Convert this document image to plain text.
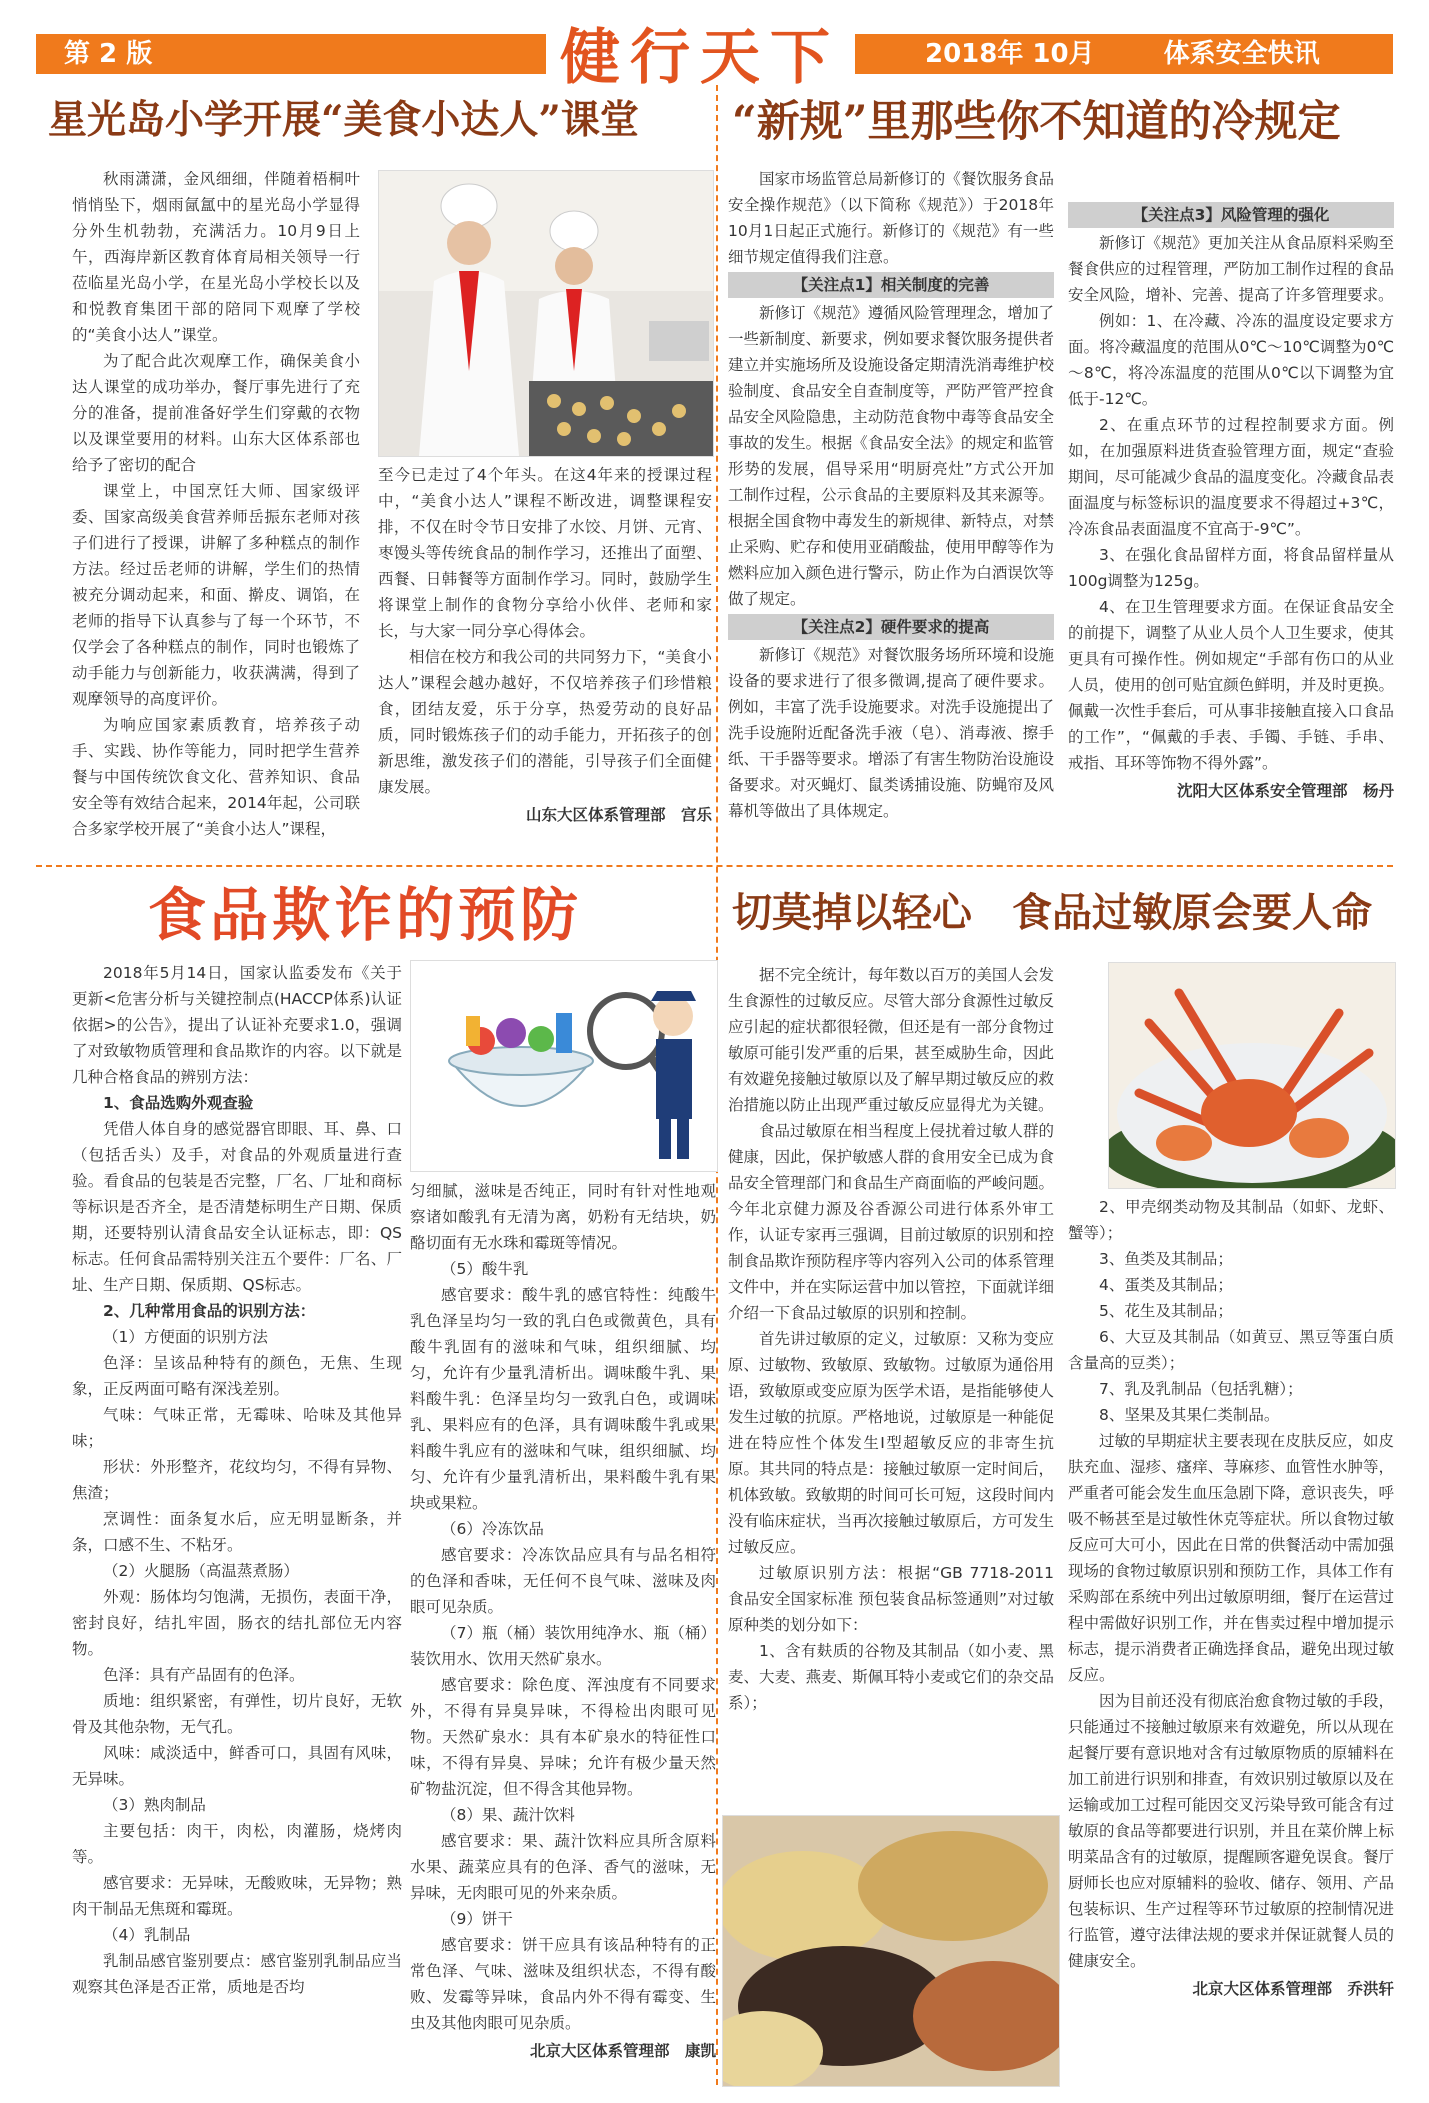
第 2 版	健行天下	2018年 10月	体系安全快讯
星光岛小学开展“美食小达人”课堂

秋雨潇潇，金风细细，伴随着梧桐叶悄悄坠下，烟雨氤氲中的星光岛小学显得分外生机勃勃，充满活力。10月9日上午，西海岸新区教育体育局相关领导一行莅临星光岛小学，在星光岛小学校长以及和悦教育集团干部的陪同下观摩了学校的“美食小达人”课堂。

为了配合此次观摩工作，确保美食小达人课堂的成功举办，餐厅事先进行了充分的准备，提前准备好学生们穿戴的衣物以及课堂要用的材料。山东大区体系部也给予了密切的配合

课堂上，中国烹饪大师、国家级评委、国家高级美食营养师岳振东老师对孩子们进行了授课，讲解了多种糕点的制作方法。经过岳老师的讲解，学生们的热情被充分调动起来，和面、擀皮、调馅，在老师的指导下认真参与了每一个环节，不仅学会了各种糕点的制作，同时也锻炼了动手能力与创新能力，收获满满，得到了观摩领导的高度评价。

为响应国家素质教育，培养孩子动手、实践、协作等能力，同时把学生营养餐与中国传统饮食文化、营养知识、食品安全等有效结合起来，2014年起，公司联合多家学校开展了“美食小达人”课程，

至今已走过了4个年头。在这4年来的授课过程中，“美食小达人”课程不断改进，调整课程安排，不仅在时令节日安排了水饺、月饼、元宵、枣馒头等传统食品的制作学习，还推出了面塑、西餐、日韩餐等方面制作学习。同时，鼓励学生将课堂上制作的食物分享给小伙伴、老师和家长，与大家一同分享心得体会。

相信在校方和我公司的共同努力下，“美食小达人”课程会越办越好，不仅培养孩子们珍惜粮食，团结友爱，乐于分享，热爱劳动的良好品质，同时锻炼孩子们的动手能力，开拓孩子的创新思维，激发孩子们的潜能，引导孩子们全面健康发展。

山东大区体系管理部　宫乐

“新规”里那些你不知道的冷规定

国家市场监管总局新修订的《餐饮服务食品安全操作规范》（以下简称《规范》）于2018年10月1日起正式施行。新修订的《规范》有一些细节规定值得我们注意。

【关注点1】相关制度的完善

新修订《规范》遵循风险管理理念，增加了一些新制度、新要求，例如要求餐饮服务提供者建立并实施场所及设施设备定期清洗消毒维护校验制度、食品安全自查制度等，严防严管严控食品安全风险隐患，主动防范食物中毒等食品安全事故的发生。根据《食品安全法》的规定和监管形势的发展，倡导采用“明厨亮灶”方式公开加工制作过程，公示食品的主要原料及其来源等。根据全国食物中毒发生的新规律、新特点，对禁止采购、贮存和使用亚硝酸盐，使用甲醇等作为燃料应加入颜色进行警示，防止作为白酒误饮等做了规定。

【关注点2】硬件要求的提高

新修订《规范》对餐饮服务场所环境和设施设备的要求进行了很多微调,提高了硬件要求。例如，丰富了洗手设施要求。对洗手设施提出了洗手设施附近配备洗手液（皂）、消毒液、擦手纸、干手器等要求。增添了有害生物防治设施设备要求。对灭蝇灯、鼠类诱捕设施、防蝇帘及风幕机等做出了具体规定。

【关注点3】风险管理的强化

新修订《规范》更加关注从食品原料采购至餐食供应的过程管理，严防加工制作过程的食品安全风险，增补、完善、提高了许多管理要求。

例如：1、在冷藏、冷冻的温度设定要求方面。将冷藏温度的范围从0℃～10℃调整为0℃～8℃，将冷冻温度的范围从0℃以下调整为宜低于-12℃。

2、在重点环节的过程控制要求方面。例如，在加强原料进货查验管理方面，规定“查验期间，尽可能减少食品的温度变化。冷藏食品表面温度与标签标识的温度要求不得超过+3℃，冷冻食品表面温度不宜高于-9℃”。

3、在强化食品留样方面，将食品留样量从100g调整为125g。

4、在卫生管理要求方面。在保证食品安全的前提下，调整了从业人员个人卫生要求，使其更具有可操作性。例如规定“手部有伤口的从业人员，使用的创可贴宜颜色鲜明，并及时更换。佩戴一次性手套后，可从事非接触直接入口食品的工作”，“佩戴的手表、手镯、手链、手串、戒指、耳环等饰物不得外露”。

沈阳大区体系安全管理部　杨丹

食品欺诈的预防

2018年5月14日，国家认监委发布《关于更新<危害分析与关键控制点(HACCP体系)认证依据>的公告》，提出了认证补充要求1.0，强调了对致敏物质管理和食品欺诈的内容。以下就是几种合格食品的辨别方法：

1、食品选购外观查验

凭借人体自身的感觉器官即眼、耳、鼻、口（包括舌头）及手，对食品的外观质量进行查验。看食品的包装是否完整，厂名、厂址和商标等标识是否齐全，是否清楚标明生产日期、保质期，还要特别认清食品安全认证标志，即：QS标志。任何食品需特别关注五个要件：厂名、厂址、生产日期、保质期、QS标志。

2、几种常用食品的识别方法：

（1）方便面的识别方法

色泽：呈该品种特有的颜色，无焦、生现象，正反两面可略有深浅差别。

气味：气味正常，无霉味、哈味及其他异味；

形状：外形整齐，花纹均匀，不得有异物、焦渣；

烹调性：面条复水后，应无明显断条，并条，口感不生、不粘牙。

（2）火腿肠（高温蒸煮肠）

外观：肠体均匀饱满，无损伤，表面干净，密封良好，结扎牢固，肠衣的结扎部位无内容物。

色泽：具有产品固有的色泽。

质地：组织紧密，有弹性，切片良好，无软骨及其他杂物，无气孔。

风味：咸淡适中，鲜香可口，具固有风味，无异味。

（3）熟肉制品

主要包括：肉干，肉松，肉灌肠，烧烤肉等。

感官要求：无异味，无酸败味，无异物；熟肉干制品无焦斑和霉斑。

（4）乳制品

乳制品感官鉴别要点：感官鉴别乳制品应当观察其色泽是否正常，质地是否均

匀细腻，滋味是否纯正，同时有针对性地观察诸如酸乳有无清为离，奶粉有无结块，奶酪切面有无水珠和霉斑等情况。

（5）酸牛乳

感官要求：酸牛乳的感官特性：纯酸牛乳色泽呈均匀一致的乳白色或微黄色，具有酸牛乳固有的滋味和气味，组织细腻、均匀，允许有少量乳清析出。调味酸牛乳、果料酸牛乳：色泽呈均匀一致乳白色，或调味乳、果料应有的色泽，具有调味酸牛乳或果料酸牛乳应有的滋味和气味，组织细腻、均匀、允许有少量乳清析出，果料酸牛乳有果块或果粒。

（6）冷冻饮品

感官要求：冷冻饮品应具有与品名相符的色泽和香味，无任何不良气味、滋味及肉眼可见杂质。

（7）瓶（桶）装饮用纯净水、瓶（桶）装饮用水、饮用天然矿泉水。

感官要求：除色度、浑浊度有不同要求外，不得有异臭异味，不得检出肉眼可见物。天然矿泉水：具有本矿泉水的特征性口味，不得有异臭、异味；允许有极少量天然矿物盐沉淀，但不得含其他异物。

（8）果、蔬汁饮料

感官要求：果、蔬汁饮料应具所含原料水果、蔬菜应具有的色泽、香气的滋味，无异味，无肉眼可见的外来杂质。

（9）饼干

感官要求：饼干应具有该品种特有的正常色泽、气味、滋味及组织状态，不得有酸败、发霉等异味，食品内外不得有霉变、生虫及其他肉眼可见杂质。

北京大区体系管理部　康凯

切莫掉以轻心　食品过敏原会要人命

据不完全统计，每年数以百万的美国人会发生食源性的过敏反应。尽管大部分食源性过敏反应引起的症状都很轻微，但还是有一部分食物过敏原可能引发严重的后果，甚至威胁生命，因此有效避免接触过敏原以及了解早期过敏反应的救治措施以防止出现严重过敏反应显得尤为关键。

食品过敏原在相当程度上侵扰着过敏人群的健康，因此，保护敏感人群的食用安全已成为食品安全管理部门和食品生产商面临的严峻问题。今年北京健力源及谷香源公司进行体系外审工作，认证专家再三强调，目前过敏原的识别和控制食品欺诈预防程序等内容列入公司的体系管理文件中，并在实际运营中加以管控，下面就详细介绍一下食品过敏原的识别和控制。

首先讲过敏原的定义，过敏原：又称为变应原、过敏物、致敏原、致敏物。过敏原为通俗用语，致敏原或变应原为医学术语，是指能够使人发生过敏的抗原。严格地说，过敏原是一种能促进在特应性个体发生I型超敏反应的非寄生抗原。其共同的特点是：接触过敏原一定时间后，机体致敏。致敏期的时间可长可短，这段时间内没有临床症状，当再次接触过敏原后，方可发生过敏反应。

过敏原识别方法：根据“GB 7718-2011 食品安全国家标准 预包装食品标签通则”对过敏原种类的划分如下：

1、含有麸质的谷物及其制品（如小麦、黑麦、大麦、燕麦、斯佩耳特小麦或它们的杂交品系）；

2、甲壳纲类动物及其制品（如虾、龙虾、蟹等）；

3、鱼类及其制品；

4、蛋类及其制品；

5、花生及其制品；

6、大豆及其制品（如黄豆、黑豆等蛋白质含量高的豆类）；

7、乳及乳制品（包括乳糖）；

8、坚果及其果仁类制品。

过敏的早期症状主要表现在皮肤反应，如皮肤充血、湿疹、瘙痒、荨麻疹、血管性水肿等，严重者可能会发生血压急剧下降，意识丧失，呼吸不畅甚至是过敏性休克等症状。所以食物过敏反应可大可小，因此在日常的供餐活动中需加强现场的食物过敏原识别和预防工作，具体工作有采购部在系统中列出过敏原明细，餐厅在运营过程中需做好识别工作，并在售卖过程中增加提示标志，提示消费者正确选择食品，避免出现过敏反应。

因为目前还没有彻底治愈食物过敏的手段，只能通过不接触过敏原来有效避免，所以从现在起餐厅要有意识地对含有过敏原物质的原辅料在加工前进行识别和排查，有效识别过敏原以及在运输或加工过程可能因交叉污染导致可能含有过敏原的食品等都要进行识别，并且在菜价牌上标明菜品含有的过敏原，提醒顾客避免误食。餐厅厨师长也应对原辅料的验收、储存、领用、产品包装标识、生产过程等环节过敏原的控制情况进行监管，遵守法律法规的要求并保证就餐人员的健康安全。

北京大区体系管理部　乔洪轩
